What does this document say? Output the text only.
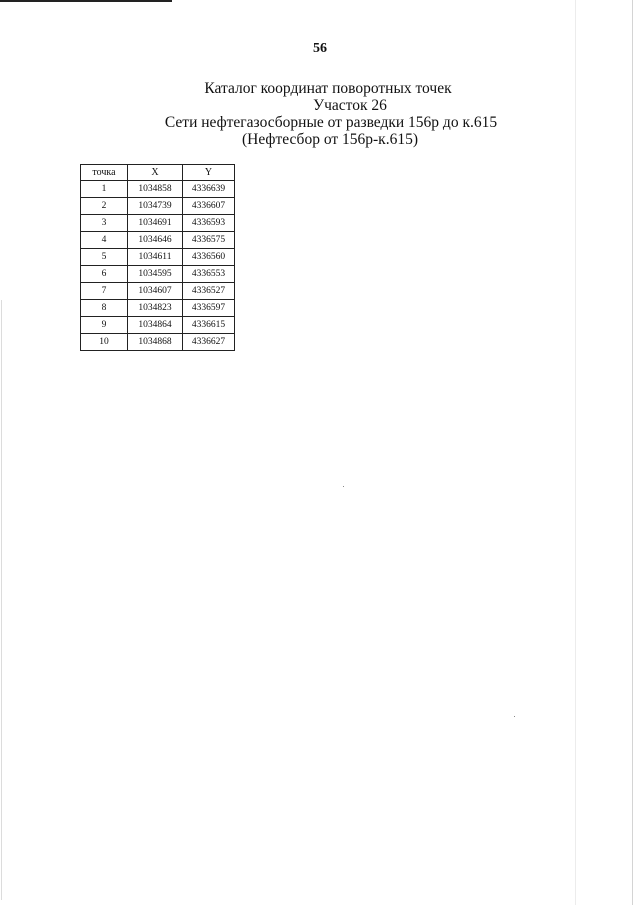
56
Каталог координат поворотных точек
Участок 26
Сети нефтегазосборные от разведки 156р до к.615
(Нефтесбор от 156р-к.615)
точка	X	Y
1	1034858	4336639
2	1034739	4336607
3	1034691	4336593
4	1034646	4336575
5	1034611	4336560
6	1034595	4336553
7	1034607	4336527
8	1034823	4336597
9	1034864	4336615
10	1034868	4336627
